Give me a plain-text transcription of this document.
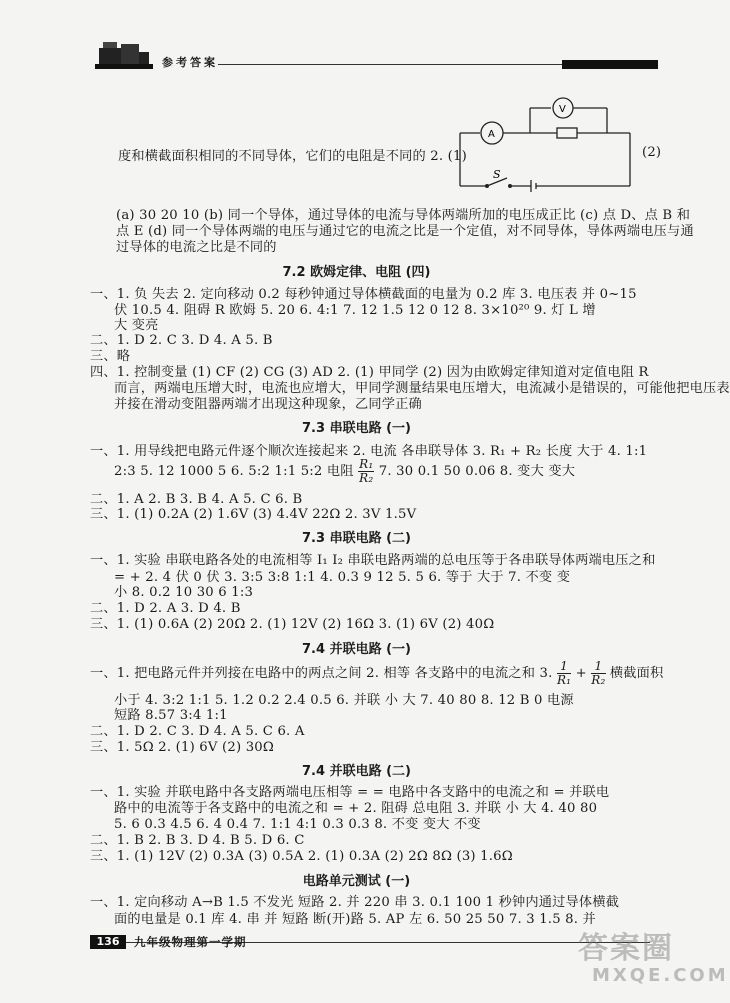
参考答案
A
V
S
度和横截面积相同的不同导体，它们的电阻是不同的 2. (1)	(2)
(a) 30 20 10 (b) 同一个导体，通过导体的电流与导体两端所加的电压成正比 (c) 点 D、点 B 和
点 E (d) 同一个导体两端的电压与通过它的电流之比是一个定值，对不同导体，导体两端电压与通
过导体的电流之比是不同的
7.2 欧姆定律、电阻 (四)
一、1. 负 失去 2. 定向移动 0.2 每秒钟通过导体横截面的电量为 0.2 库 3. 电压表 并 0~15
伏 10.5 4. 阻碍 R 欧姆 5. 20 6. 4:1 7. 12 1.5 12 0 12 8. 3×10²⁰ 9. 灯 L 增
大 变亮
二、1. D 2. C 3. D 4. A 5. B
三、略
四、1. 控制变量 (1) CF (2) CG (3) AD 2. (1) 甲同学 (2) 因为由欧姆定律知道对定值电阻 R
而言，两端电压增大时，电流也应增大，甲同学测量结果电压增大，电流减小是错误的，可能他把电压表
并接在滑动变阻器两端才出现这种现象，乙同学正确
7.3 串联电路 (一)
一、1. 用导线把电路元件逐个顺次连接起来 2. 电流 各串联导体 3. R₁ + R₂ 长度 大于 4. 1:1
2:3 5. 12 1000 5 6. 5:2 1:1 5:2 电阻 $\frac{\text{R₁}}{\text{R₂}} 7$. 30 0.1 50 0.06 8. 变大 变大
二、1. A 2. B 3. B 4. A 5. C 6. B
三、1. (1) 0.2A (2) 1.6V (3) 4.4V 22Ω 2. 3V 1.5V
7.3 串联电路 (二)
一、1. 实验 串联电路各处的电流相等 I₁ I₂ 串联电路两端的总电压等于各串联导体两端电压之和
= + 2. 4 伏 0 伏 3. 3:5 3:8 1:1 4. 0.3 9 12 5. 5 6. 等于 大于 7. 不变 变
小 8. 0.2 10 30 6 1:3
二、1. D 2. A 3. D 4. B
三、1. (1) 0.6A (2) 20Ω 2. (1) 12V (2) 16Ω 3. (1) 6V (2) 40Ω
7.4 并联电路 (一)
一、1. 把电路元件并列接在电路中的两点之间 2. 相等 各支路中的电流之和 3. $\frac{1}{\text{R₁}} + \frac{1}{\text{R₂}}$ 横截面积
小于 4. 3:2 1:1 5. 1.2 0.2 2.4 0.5 6. 并联 小 大 7. 40 80 8. 12 B 0 电源
短路 8.57 3:4 1:1
二、1. D 2. C 3. D 4. A 5. C 6. A
三、1. 5Ω 2. (1) 6V (2) 30Ω
7.4 并联电路 (二)
一、1. 实验 并联电路中各支路两端电压相等 = = 电路中各支路中的电流之和 = 并联电
路中的电流等于各支路中的电流之和 = + 2. 阻碍 总电阻 3. 并联 小 大 4. 40 80
5. 6 0.3 4.5 6. 4 0.4 7. 1:1 4:1 0.3 0.3 8. 不变 变大 不变
二、1. B 2. B 3. D 4. B 5. D 6. C
三、1. (1) 12V (2) 0.3A (3) 0.5A 2. (1) 0.3A (2) 2Ω 8Ω (3) 1.6Ω
电路单元测试 (一)
一、1. 定向移动 A→B 1.5 不发光 短路 2. 并 220 串 3. 0.1 100 1 秒钟内通过导体横截
面的电量是 0.1 库 4. 串 并 短路 断(开)路 5. AP 左 6. 50 25 50 7. 3 1.5 8. 并
136	九年级物理第一学期	答案圈
MXQE.COM
